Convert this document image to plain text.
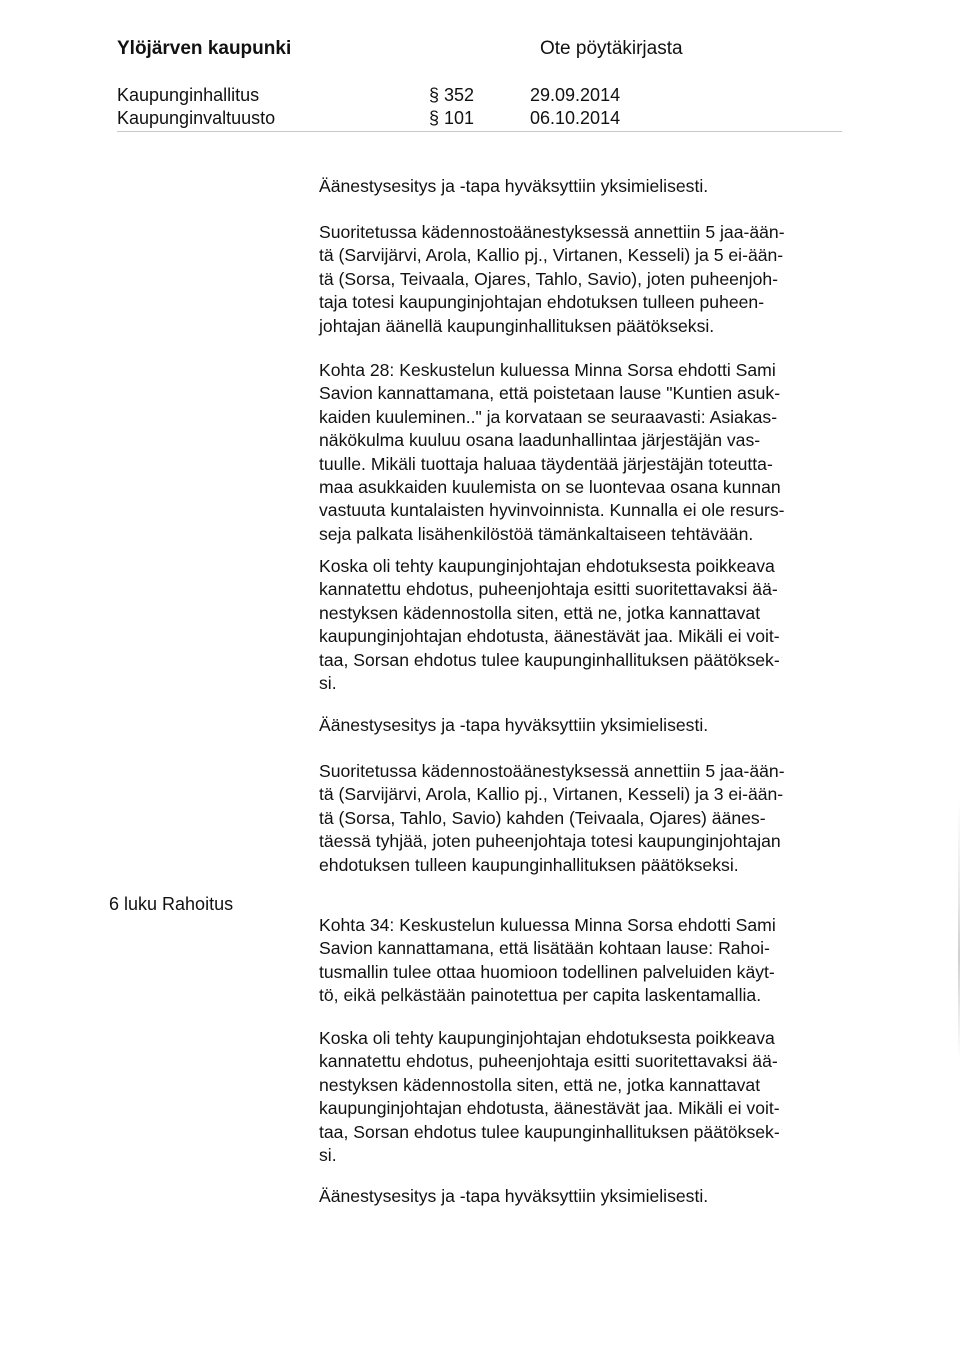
Ylöjärven kaupunki	Ote pöytäkirjasta
Kaupunginhallitus	§ 352	29.09.2014
Kaupunginvaltuusto	§ 101	06.10.2014
6 luku Rahoitus
Äänestysesitys ja -tapa hyväksyttiin yksimielisesti.
Suoritetussa kädennostoäänestyksessä annettiin 5 jaa-ään-
tä (Sarvijärvi, Arola, Kallio pj., Virtanen, Kesseli) ja 5 ei-ään-
tä (Sorsa, Teivaala, Ojares, Tahlo, Savio), joten puheenjoh-
taja totesi kaupunginjohtajan ehdotuksen tulleen puheen-
johtajan äänellä kaupunginhallituksen päätökseksi.
Kohta 28: Keskustelun kuluessa Minna Sorsa ehdotti Sami
Savion kannattamana, että poistetaan lause "Kuntien asuk-
kaiden kuuleminen.." ja korvataan se seuraavasti: Asiakas-
näkökulma kuuluu osana laadunhallintaa järjestäjän vas-
tuulle. Mikäli tuottaja haluaa täydentää järjestäjän toteutta-
maa asukkaiden kuulemista on se luontevaa osana kunnan
vastuuta kuntalaisten hyvinvoinnista. Kunnalla ei ole resurs-
seja palkata lisähenkilöstöä tämänkaltaiseen tehtävään.
Koska oli tehty kaupunginjohtajan ehdotuksesta poikkeava
kannatettu ehdotus, puheenjohtaja esitti suoritettavaksi ää-
nestyksen kädennostolla siten, että ne, jotka kannattavat
kaupunginjohtajan ehdotusta, äänestävät jaa. Mikäli ei voit-
taa, Sorsan ehdotus tulee kaupunginhallituksen päätöksek-
si.
Äänestysesitys ja -tapa hyväksyttiin yksimielisesti.
Suoritetussa kädennostoäänestyksessä annettiin 5 jaa-ään-
tä (Sarvijärvi, Arola, Kallio pj., Virtanen, Kesseli) ja 3 ei-ään-
tä (Sorsa, Tahlo, Savio) kahden (Teivaala, Ojares) äänes-
täessä tyhjää, joten puheenjohtaja totesi kaupunginjohtajan
ehdotuksen tulleen kaupunginhallituksen päätökseksi.
Kohta 34: Keskustelun kuluessa Minna Sorsa ehdotti Sami
Savion kannattamana, että lisätään kohtaan lause: Rahoi-
tusmallin tulee ottaa huomioon todellinen palveluiden käyt-
tö, eikä pelkästään painotettua per capita laskentamallia.
Koska oli tehty kaupunginjohtajan ehdotuksesta poikkeava
kannatettu ehdotus, puheenjohtaja esitti suoritettavaksi ää-
nestyksen kädennostolla siten, että ne, jotka kannattavat
kaupunginjohtajan ehdotusta, äänestävät jaa. Mikäli ei voit-
taa, Sorsan ehdotus tulee kaupunginhallituksen päätöksek-
si.
Äänestysesitys ja -tapa hyväksyttiin yksimielisesti.
